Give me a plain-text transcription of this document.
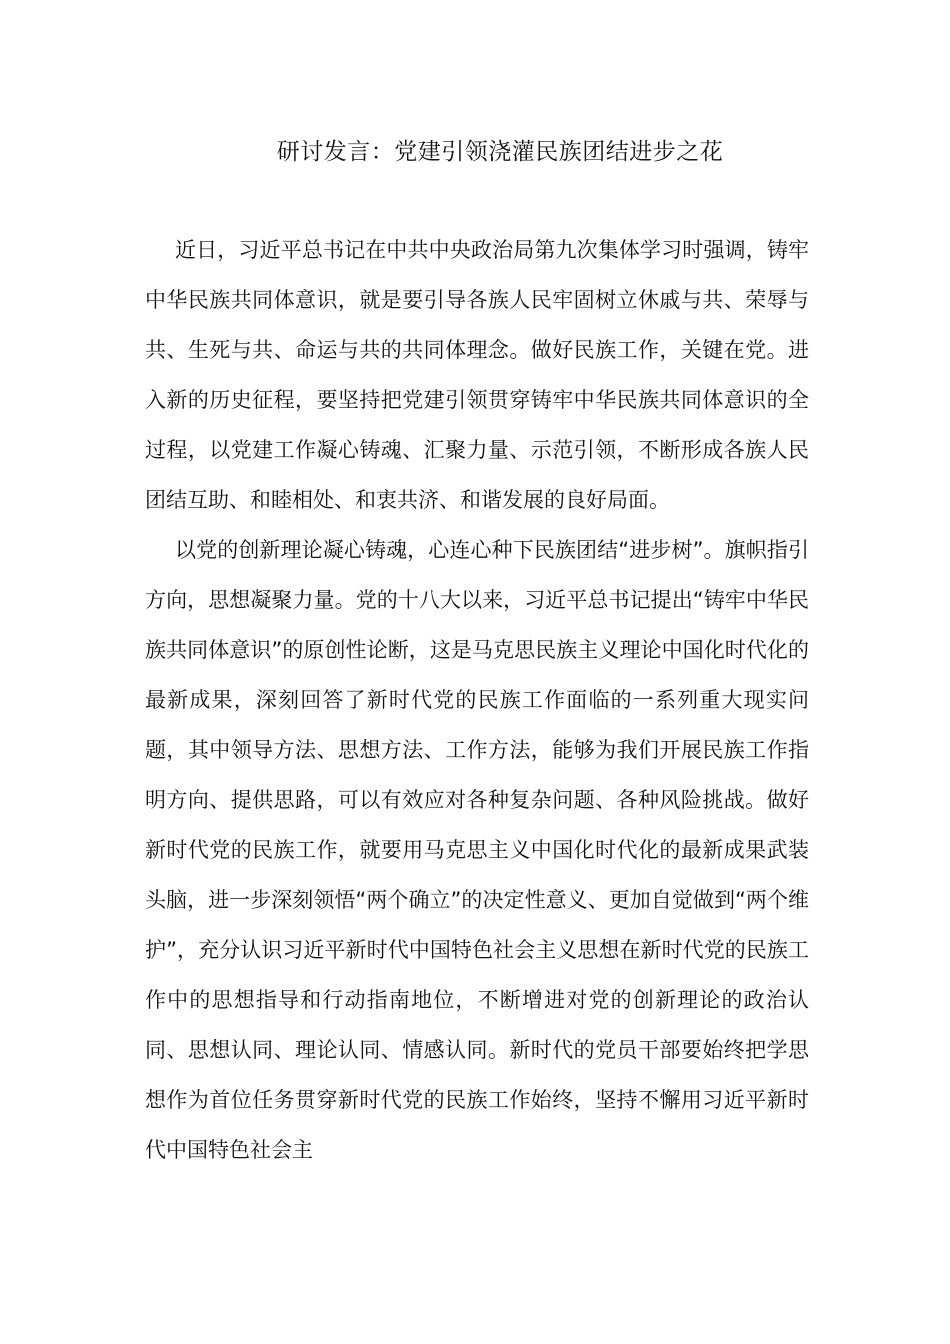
研讨发言：党建引领浇灌民族团结进步之花

近日，习近平总书记在中共中央政治局第九次集体学习时强调，铸牢中华民族共同体意识，就是要引导各族人民牢固树立休戚与共、荣辱与共、生死与共、命运与共的共同体理念。做好民族工作，关键在党。进入新的历史征程，要坚持把党建引领贯穿铸牢中华民族共同体意识的全过程，以党建工作凝心铸魂、汇聚力量、示范引领，不断形成各族人民团结互助、和睦相处、和衷共济、和谐发展的良好局面。

以党的创新理论凝心铸魂，心连心种下民族团结“进步树”。旗帜指引方向，思想凝聚力量。党的十八大以来，习近平总书记提出“铸牢中华民族共同体意识”的原创性论断，这是马克思民族主义理论中国化时代化的最新成果，深刻回答了新时代党的民族工作面临的一系列重大现实问题，其中领导方法、思想方法、工作方法，能够为我们开展民族工作指明方向、提供思路，可以有效应对各种复杂问题、各种风险挑战。做好新时代党的民族工作，就要用马克思主义中国化时代化的最新成果武装头脑，进一步深刻领悟“两个确立”的决定性意义、更加自觉做到“两个维护”，充分认识习近平新时代中国特色社会主义思想在新时代党的民族工作中的思想指导和行动指南地位，不断增进对党的创新理论的政治认同、思想认同、理论认同、情感认同。新时代的党员干部要始终把学思想作为首位任务贯穿新时代党的民族工作始终，坚持不懈用习近平新时代中国特色社会主
